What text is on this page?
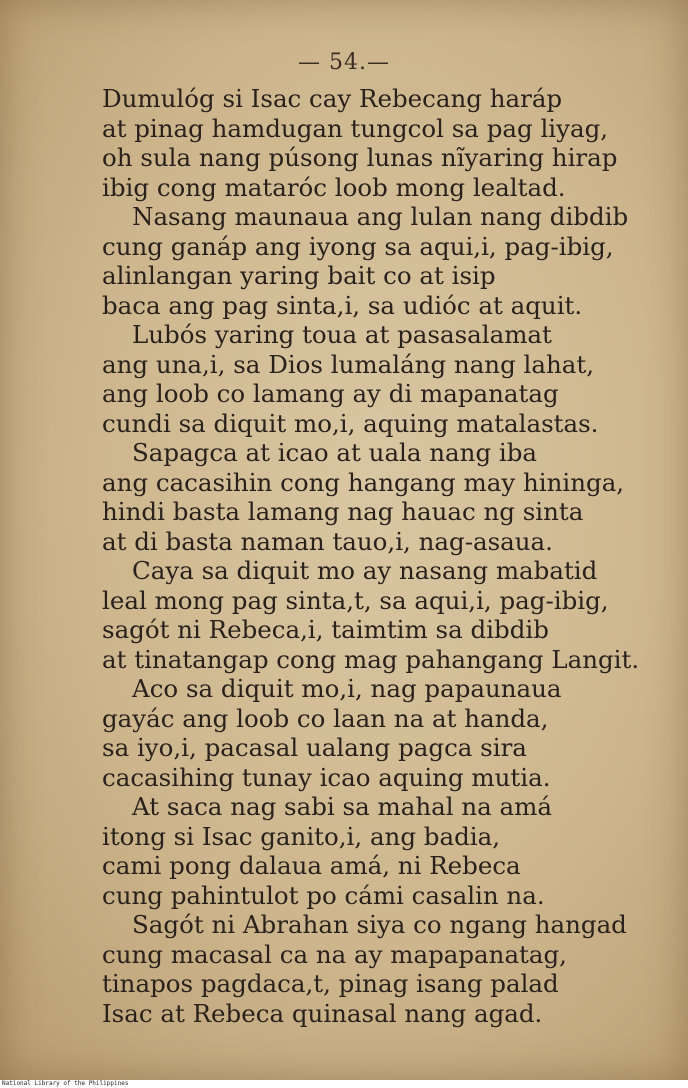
— 54.—
Dumulóg si Isac cay Rebecang haráp
at pinag hamdugan tungcol sa pag liyag,
oh sula nang púsong lunas nĩyaring hirap
ibig cong mataróc loob mong lealtad.
Nasang maunaua ang lulan nang dibdib
cung ganáp ang iyong sa aqui,i, pag-ibig,
alinlangan yaring bait co at isip
baca ang pag sinta,i, sa udióc at aquit.
Lubós yaring toua at pasasalamat
ang una,i, sa Dios lumaláng nang lahat,
ang loob co lamang ay di mapanatag
cundi sa diquit mo,i, aquing matalastas.
Sapagca at icao at uala nang iba
ang cacasihin cong hangang may hininga,
hindi basta lamang nag hauac ng sinta
at di basta naman tauo,i, nag-asaua.
Caya sa diquit mo ay nasang mabatid
leal mong pag sinta,t, sa aqui,i, pag-ibig,
sagót ni Rebeca,i, taimtim sa dibdib
at tinatangap cong mag pahangang Langit.
Aco sa diquit mo,i, nag papaunaua
gayác ang loob co laan na at handa,
sa iyo,i, pacasal ualang pagca sira
cacasihing tunay icao aquing mutia.
At saca nag sabi sa mahal na amá
itong si Isac ganito,i, ang badia,
cami pong dalaua amá, ni Rebeca
cung pahintulot po cámi casalin na.
Sagót ni Abrahan siya co ngang hangad
cung macasal ca na ay mapapanatag,
tinapos pagdaca,t, pinag isang palad
Isac at Rebeca quinasal nang agad.
National Library of the Philippines
